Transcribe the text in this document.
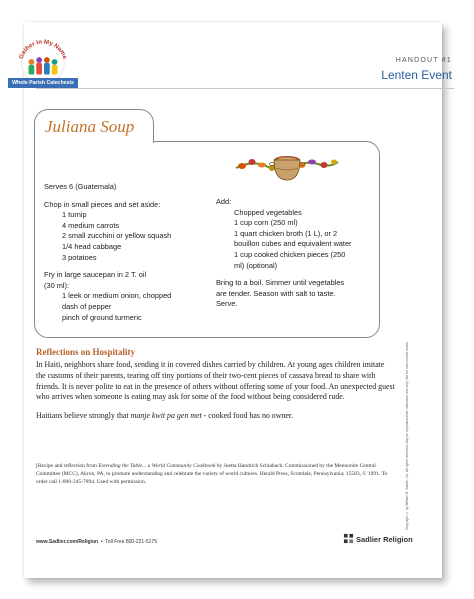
Gather In My Name
Whole Parish Catechesis
HANDOUT #1
Lenten Event
Juliana Soup

Serves 6 (Guatemala)

Chop in small pieces and set aside:

1 turnip

4 medium carrots

2 small zucchini or yellow squash

1/4 head cabbage

3 potatoes

Fry in large saucepan in 2 T. oil

(30 ml):

1 leek or medium onion, chopped

dash of pepper

pinch of ground turmeric

Add:

Chopped vegetables

1 cup corn (250 ml)

1 quart chicken broth (1 L), or 2

bouillon cubes and equivalent water

1 cup cooked chicken pieces (250

ml) (optional)

Bring to a boil. Simmer until vegetables

are tender. Season with salt to taste.

Serve.

Reflections on Hospitality

In Haiti, neighbors share food, sending it in covered dishes carried by children. At young ages children imitate the customs of their parents, tearing off tiny portions of their two-cent pieces of cassava bread to share with friends. It is never polite to eat in the presence of others without offering some of your food. An unexpected guest who arrives when someone is eating may ask for some of the food without being considered rude.

Haitians believe strongly that manje kwit pa gen met - cooked food has no owner.

[Recipe and reflection from Extending the Table... a World Community Cookbook by Joetta Handrich Schlabach. Commissioned by the Mennonite Central Committee (MCC), Akron, PA, to promote understanding and celebrate the variety of world cultures. Herald Press, Scottdale, Pennsylvania; 15583, © 1991. To order call 1-800-245-7894. Used with permission.
www.Sadlier.com/Religion  •  Toll Free 800-221-5175	Sadlier Religion
Copyright © by William H. Sadlier, Inc. All rights reserved. May be reproduced for classroom use only. Not for commercial resale.
